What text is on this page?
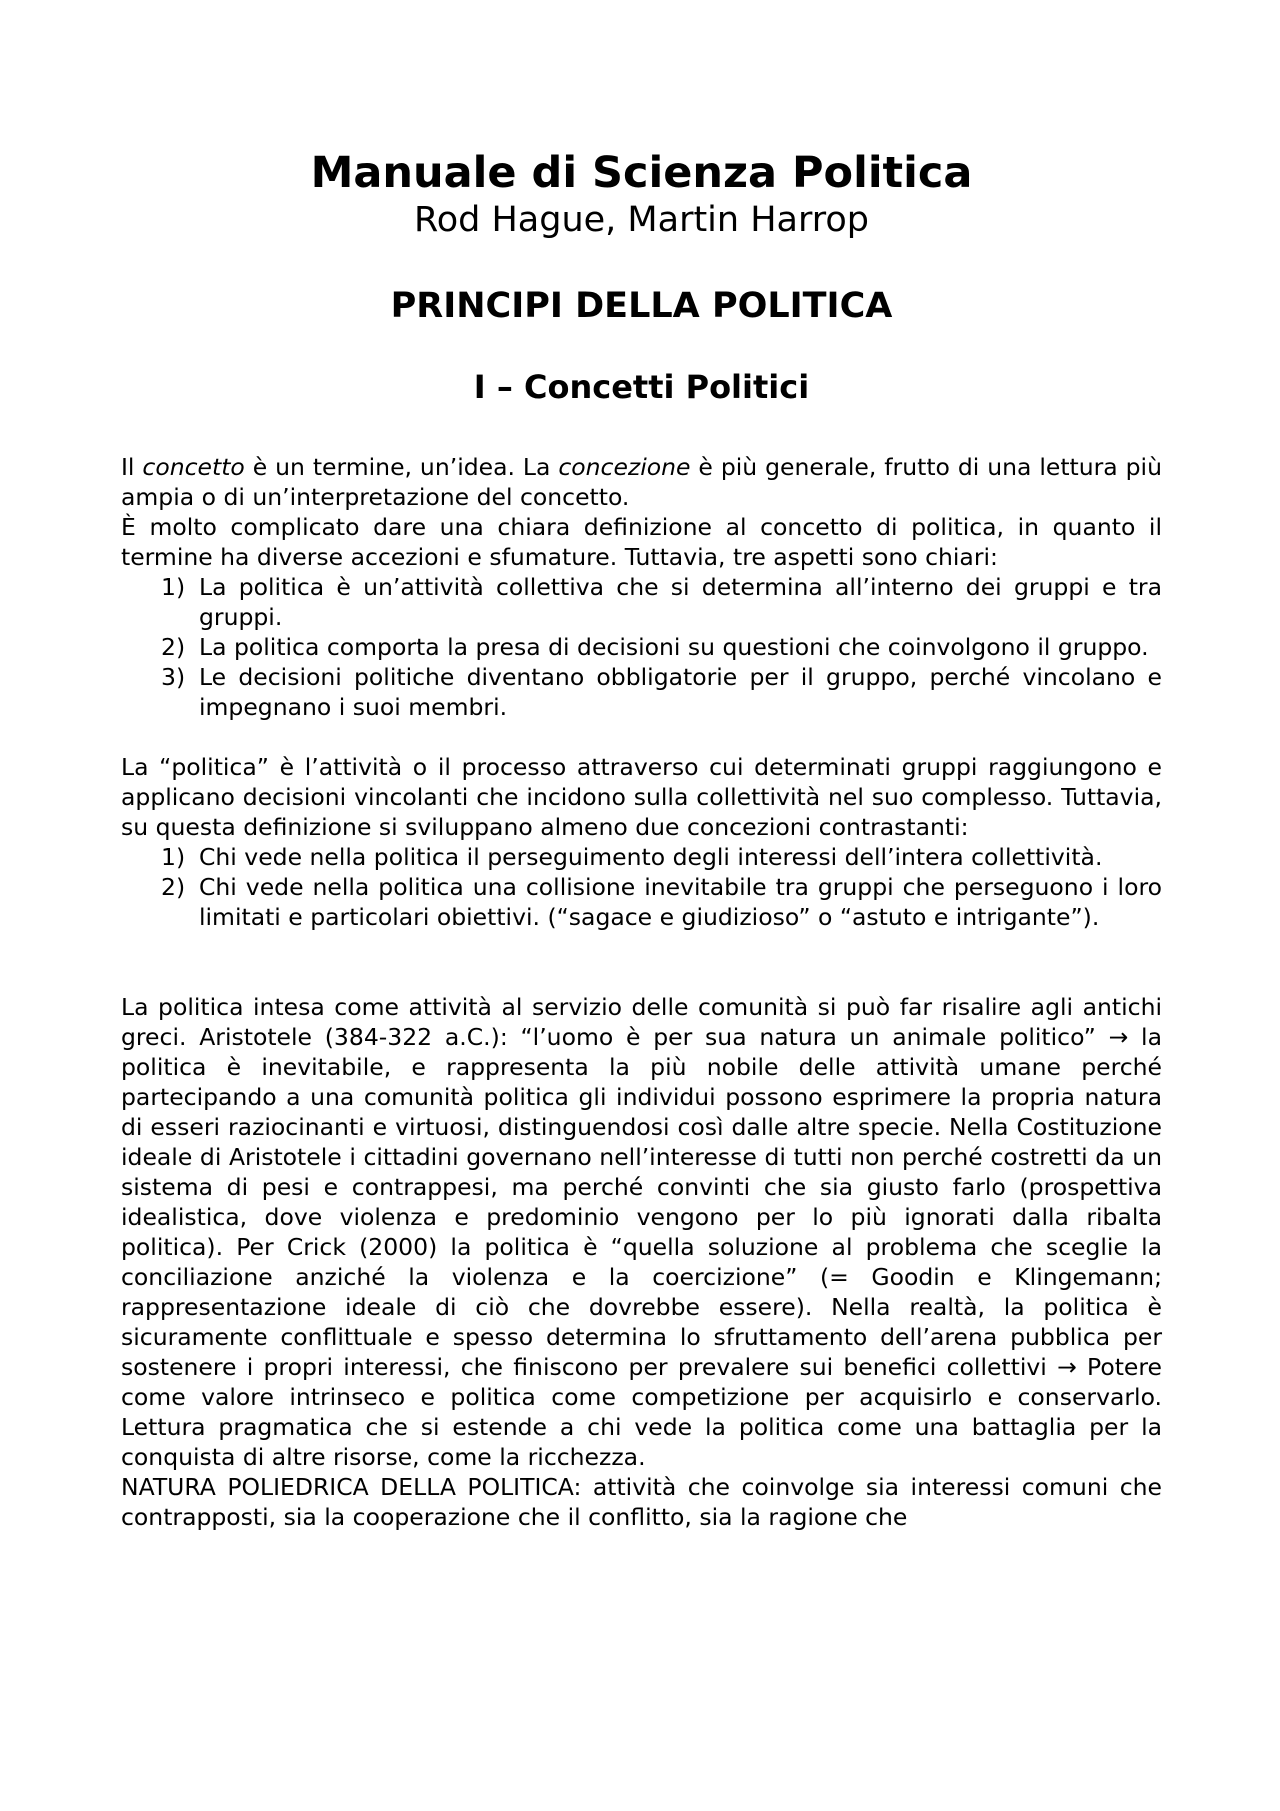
Manuale di Scienza Politica
Rod Hague, Martin Harrop
PRINCIPI DELLA POLITICA
I – Concetti Politici

Il concetto è un termine, un’idea. La concezione è più generale, frutto di una lettura più ampia o di un’interpretazione del concetto.

È molto complicato dare una chiara definizione al concetto di politica, in quanto il termine ha diverse accezioni e sfumature. Tuttavia, tre aspetti sono chiari:

1) La politica è un’attività collettiva che si determina all’interno dei gruppi e tra gruppi.
2) La politica comporta la presa di decisioni su questioni che coinvolgono il gruppo.
3) Le decisioni politiche diventano obbligatorie per il gruppo, perché vincolano e impegnano i suoi membri.

La “politica” è l’attività o il processo attraverso cui determinati gruppi raggiungono e applicano decisioni vincolanti che incidono sulla collettività nel suo complesso. Tuttavia, su questa definizione si sviluppano almeno due concezioni contrastanti:

1) Chi vede nella politica il perseguimento degli interessi dell’intera collettività.
2) Chi vede nella politica una collisione inevitabile tra gruppi che perseguono i loro limitati e particolari obiettivi. (“sagace e giudizioso” o “astuto e intrigante”).

La politica intesa come attività al servizio delle comunità si può far risalire agli antichi greci. Aristotele (384-322 a.C.): “l’uomo è per sua natura un animale politico” → la politica è inevitabile, e rappresenta la più nobile delle attività umane perché partecipando a una comunità politica gli individui possono esprimere la propria natura di esseri raziocinanti e virtuosi, distinguendosi così dalle altre specie. Nella Costituzione ideale di Aristotele i cittadini governano nell’interesse di tutti non perché costretti da un sistema di pesi e contrappesi, ma perché convinti che sia giusto farlo (prospettiva idealistica, dove violenza e predominio vengono per lo più ignorati dalla ribalta politica). Per Crick (2000) la politica è “quella soluzione al problema che sceglie la conciliazione anziché la violenza e la coercizione” (= Goodin e Klingemann; rappresentazione ideale di ciò che dovrebbe essere). Nella realtà, la politica è sicuramente conflittuale e spesso determina lo sfruttamento dell’arena pubblica per sostenere i propri interessi, che finiscono per prevalere sui benefici collettivi → Potere come valore intrinseco e politica come competizione per acquisirlo e conservarlo. Lettura pragmatica che si estende a chi vede la politica come una battaglia per la conquista di altre risorse, come la ricchezza.

NATURA POLIEDRICA DELLA POLITICA: attività che coinvolge sia interessi comuni che contrapposti, sia la cooperazione che il conflitto, sia la ragione che
